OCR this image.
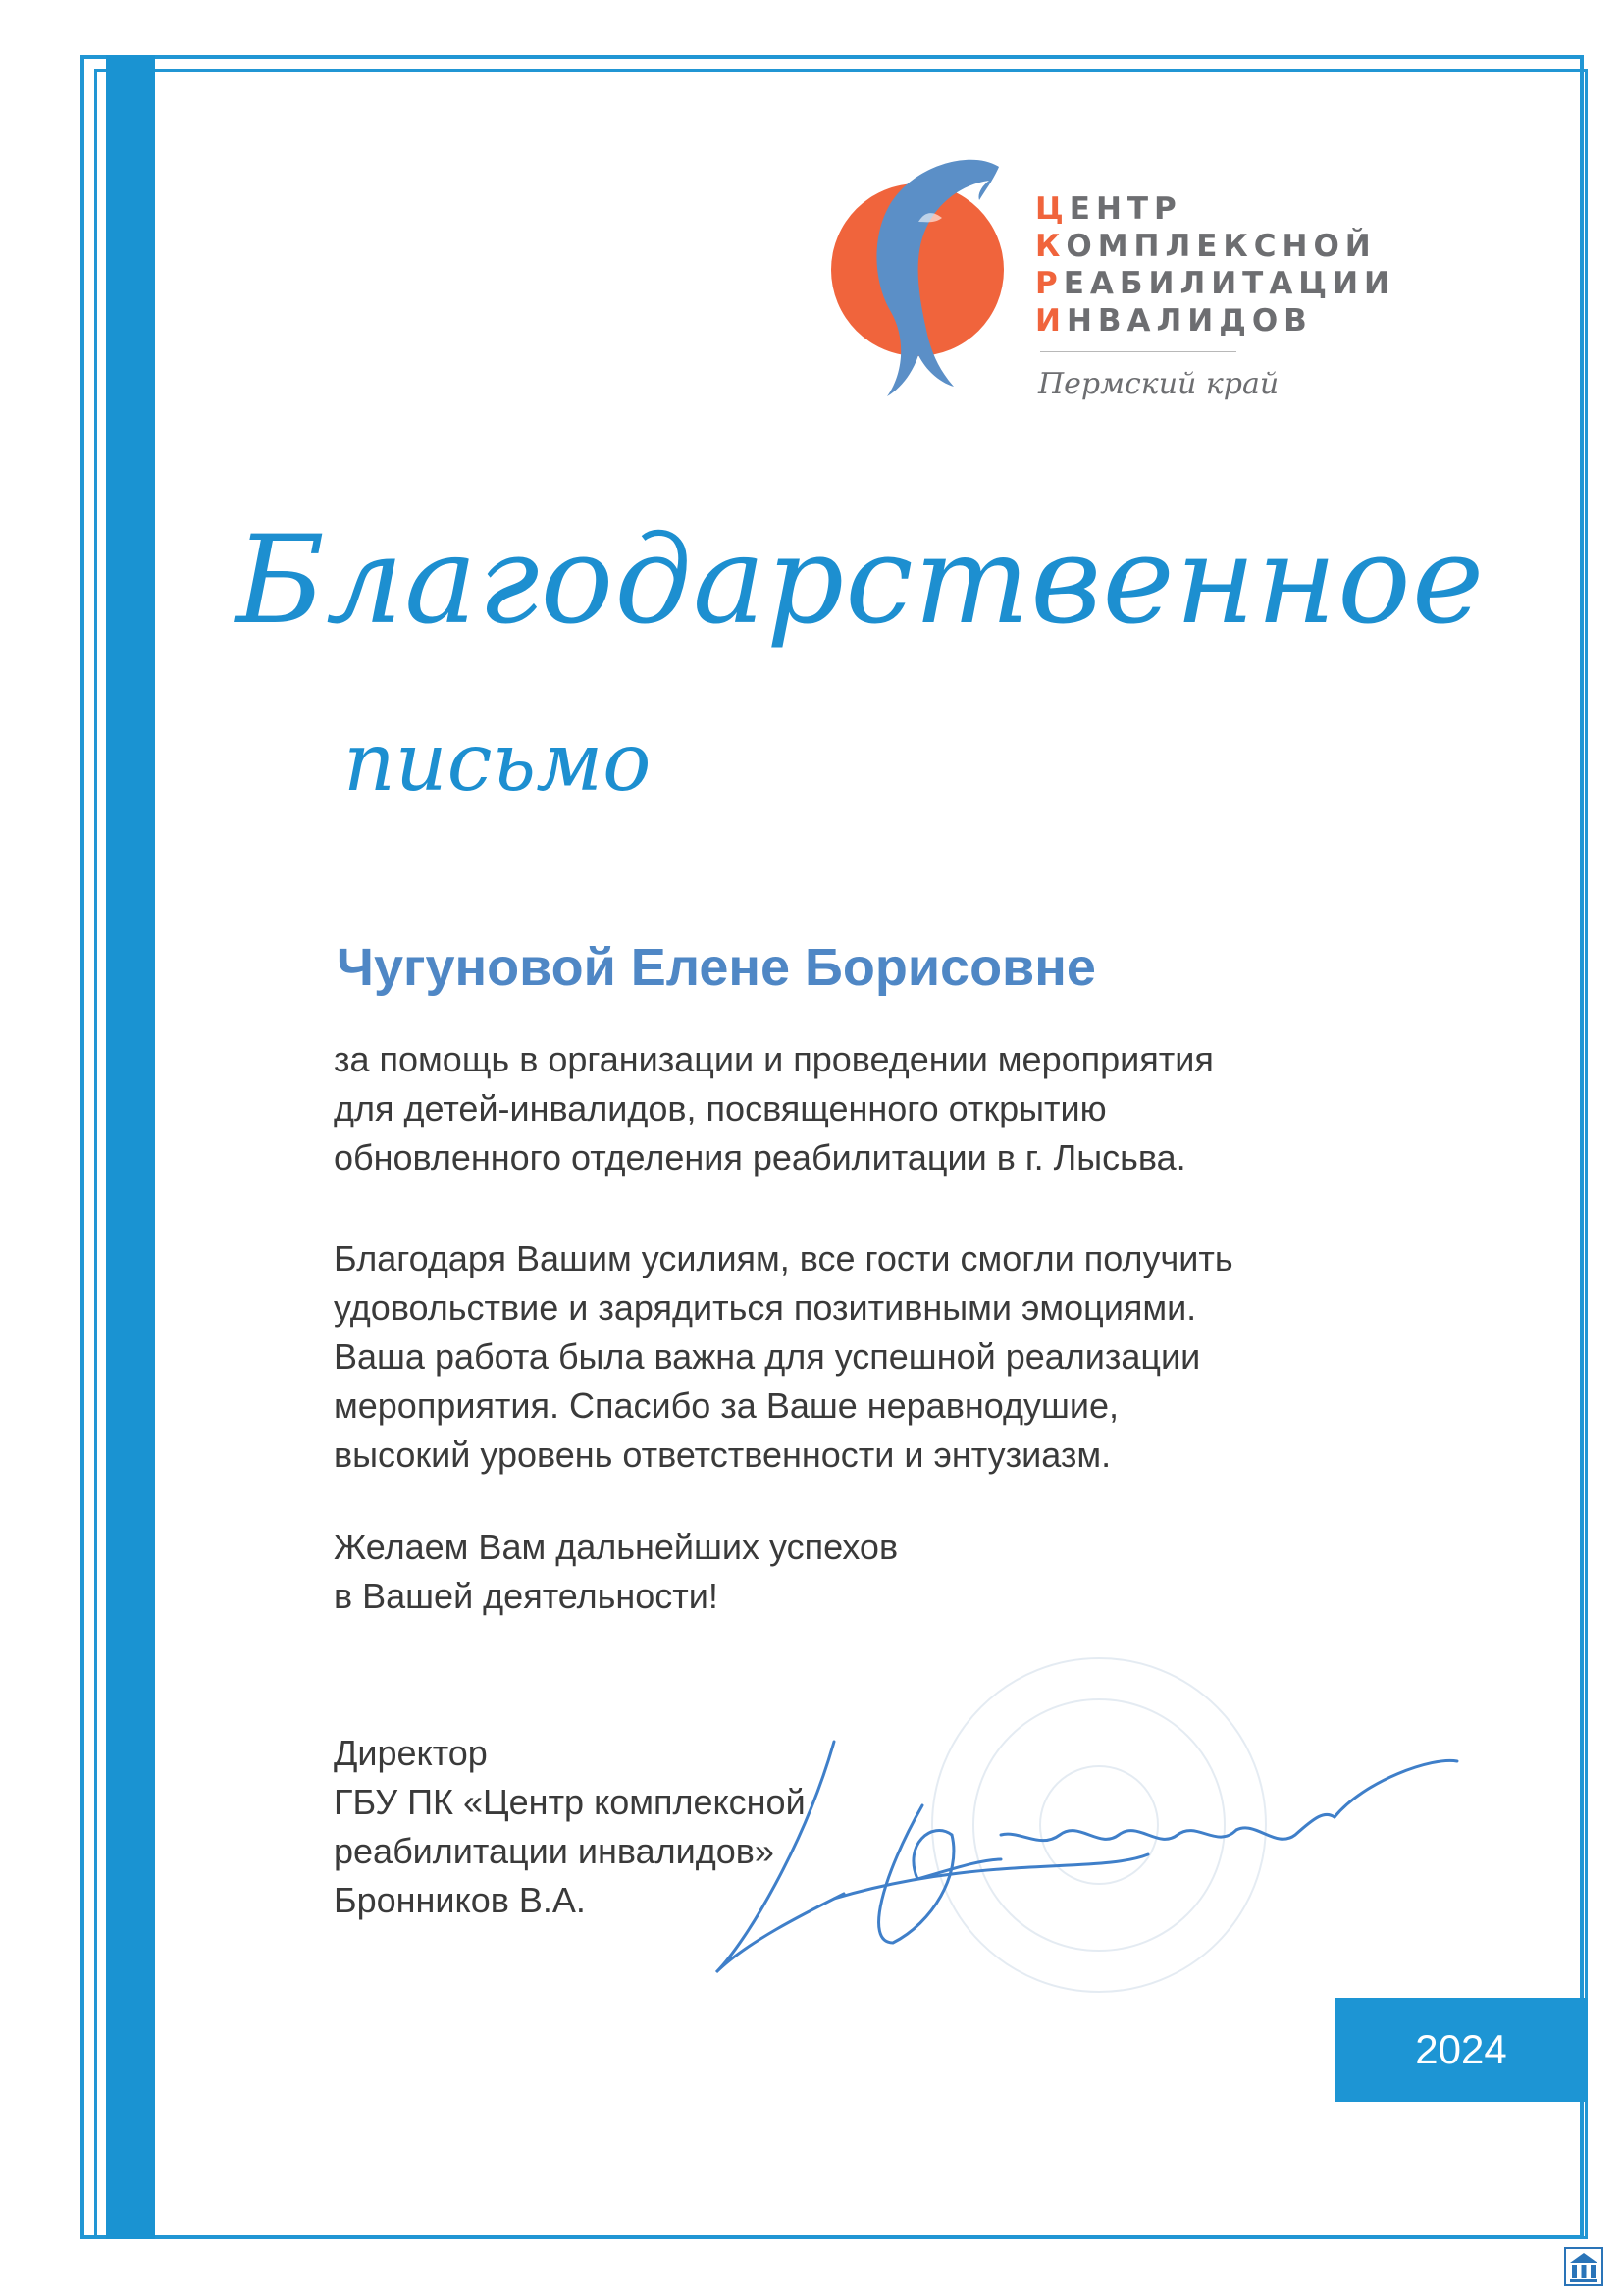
ЦЕНТР
КОМПЛЕКСНОЙ
РЕАБИЛИТАЦИИ
ИНВАЛИДОВ
Пермский край
Благодарственное
письмо
Чугуновой Елене Борисовне

за помощь в организации и проведении мероприятия
для детей-инвалидов, посвященного открытию
обновленного отделения реабилитации в г. Лысьва.

Благодаря Вашим усилиям, все гости смогли получить
удовольствие и зарядиться позитивными эмоциями.
Ваша работа была важна для успешной реализации
мероприятия. Спасибо за Ваше неравнодушие,
высокий уровень ответственности и энтузиазм.

Желаем Вам дальнейших успехов
в Вашей деятельности!

Директор
ГБУ ПК «Центр комплексной
реабилитации инвалидов»
Бронников В.А.
2024
